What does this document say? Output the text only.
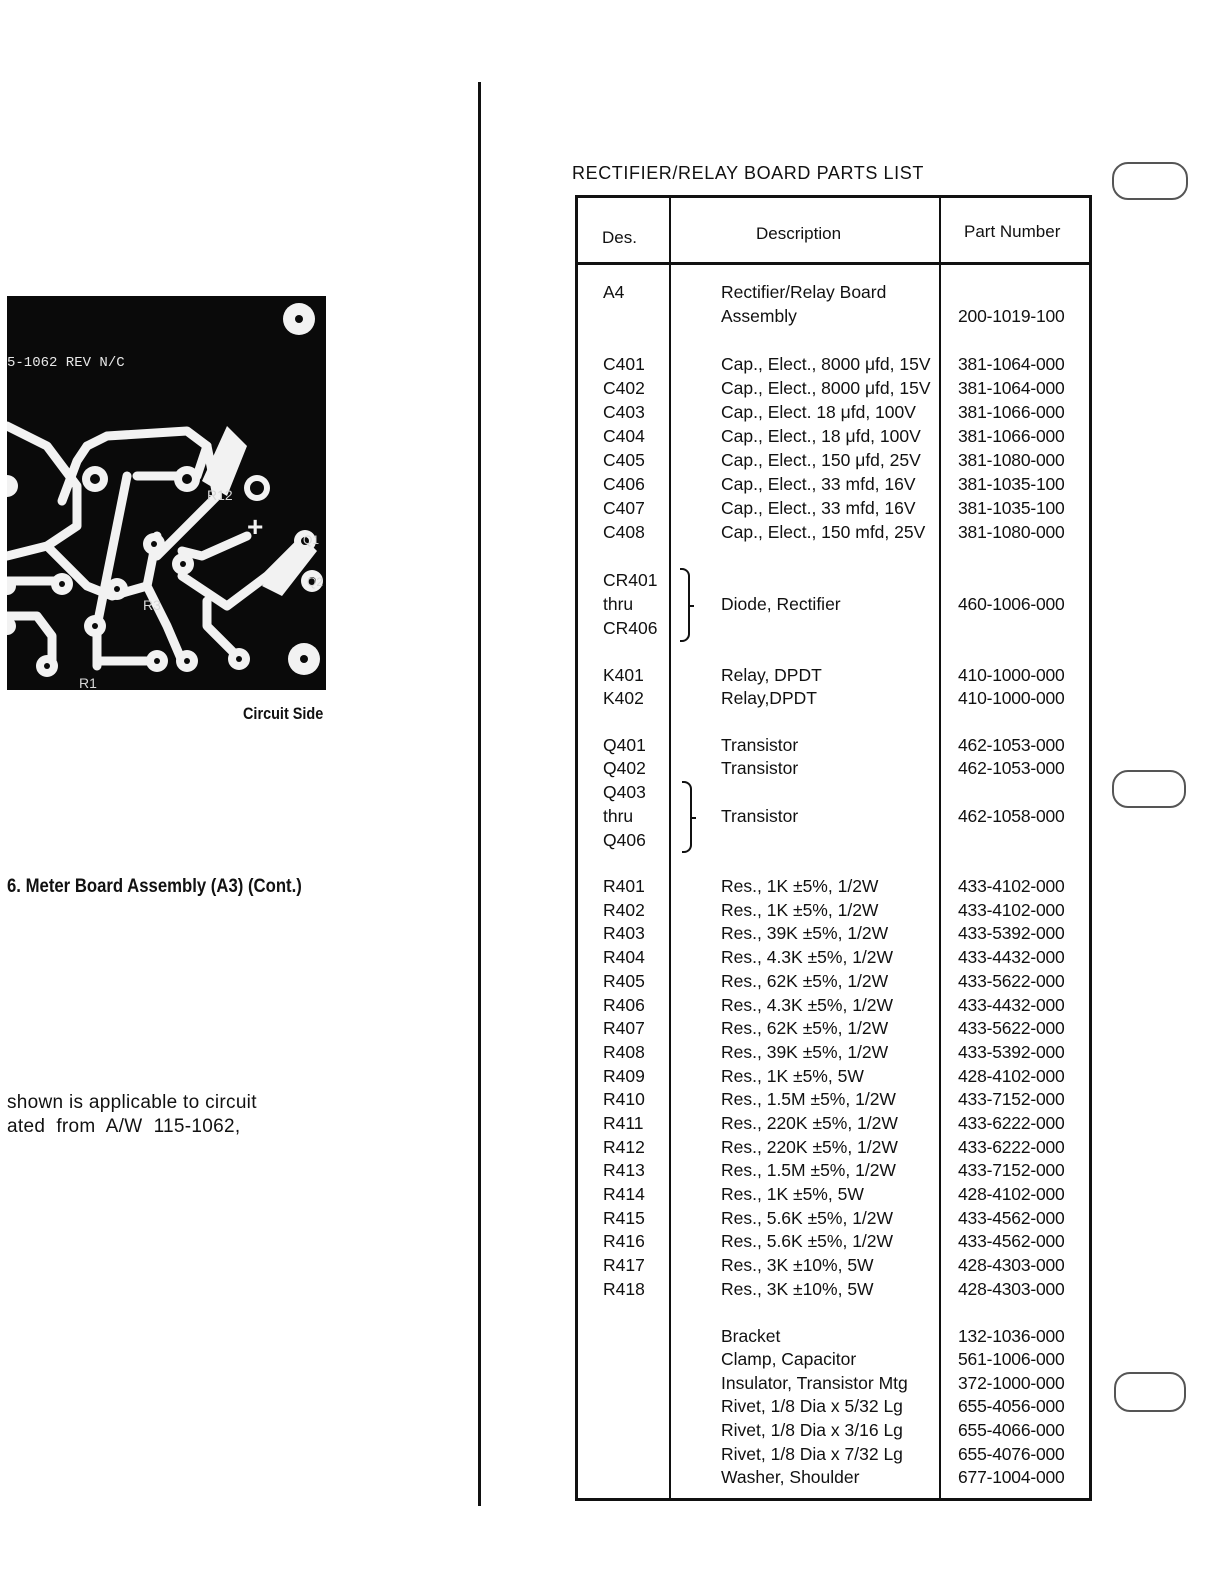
5-1062 REV N/C
R12
R3
R1
+	Q1
Q2
Circuit Side
6. Meter Board Assembly (A3) (Cont.)
shown is applicable to circuit
ated  from  A/W  115-1062,
RECTIFIER/RELAY BOARD PARTS LIST
Des.	Description	Part Number
A4	Rectifier/Relay Board
Assembly	200-1019-100
C401	Cap., Elect., 8000 μfd, 15V 381-1064-000
C402	Cap., Elect., 8000 μfd, 15V 381-1064-000
C403	Cap., Elect. 18 μfd, 100V 381-1066-000
C404	Cap., Elect., 18 μfd, 100V 381-1066-000
C405	Cap., Elect., 150 μfd, 25V 381-1080-000
C406	Cap., Elect., 33 mfd, 16V 381-1035-100
C407	Cap., Elect., 33 mfd, 16V 381-1035-100
C408	Cap., Elect., 150 mfd, 25V 381-1080-000
CR401
thru	Diode, Rectifier	460-1006-000
CR406
K401	Relay, DPDT	410-1000-000
K402	Relay,DPDT	410-1000-000
Q401	Transistor	462-1053-000
Q402	Transistor	462-1053-000
Q403
thru	Transistor	462-1058-000
Q406
R401	Res., 1K ±5%, 1/2W	433-4102-000
R402	Res., 1K ±5%, 1/2W	433-4102-000
R403	Res., 39K ±5%, 1/2W	433-5392-000
R404	Res., 4.3K ±5%, 1/2W	433-4432-000
R405	Res., 62K ±5%, 1/2W	433-5622-000
R406	Res., 4.3K ±5%, 1/2W	433-4432-000
R407	Res., 62K ±5%, 1/2W	433-5622-000
R408	Res., 39K ±5%, 1/2W	433-5392-000
R409	Res., 1K ±5%, 5W	428-4102-000
R410	Res., 1.5M ±5%, 1/2W	433-7152-000
R411	Res., 220K ±5%, 1/2W	433-6222-000
R412	Res., 220K ±5%, 1/2W	433-6222-000
R413	Res., 1.5M ±5%, 1/2W	433-7152-000
R414	Res., 1K ±5%, 5W	428-4102-000
R415	Res., 5.6K ±5%, 1/2W	433-4562-000
R416	Res., 5.6K ±5%, 1/2W	433-4562-000
R417	Res., 3K ±10%, 5W	428-4303-000
R418	Res., 3K ±10%, 5W	428-4303-000
Bracket	132-1036-000
Clamp, Capacitor	561-1006-000
Insulator, Transistor Mtg	372-1000-000
Rivet, 1/8 Dia x 5/32 Lg	655-4056-000
Rivet, 1/8 Dia x 3/16 Lg	655-4066-000
Rivet, 1/8 Dia x 7/32 Lg	655-4076-000
Washer, Shoulder	677-1004-000
